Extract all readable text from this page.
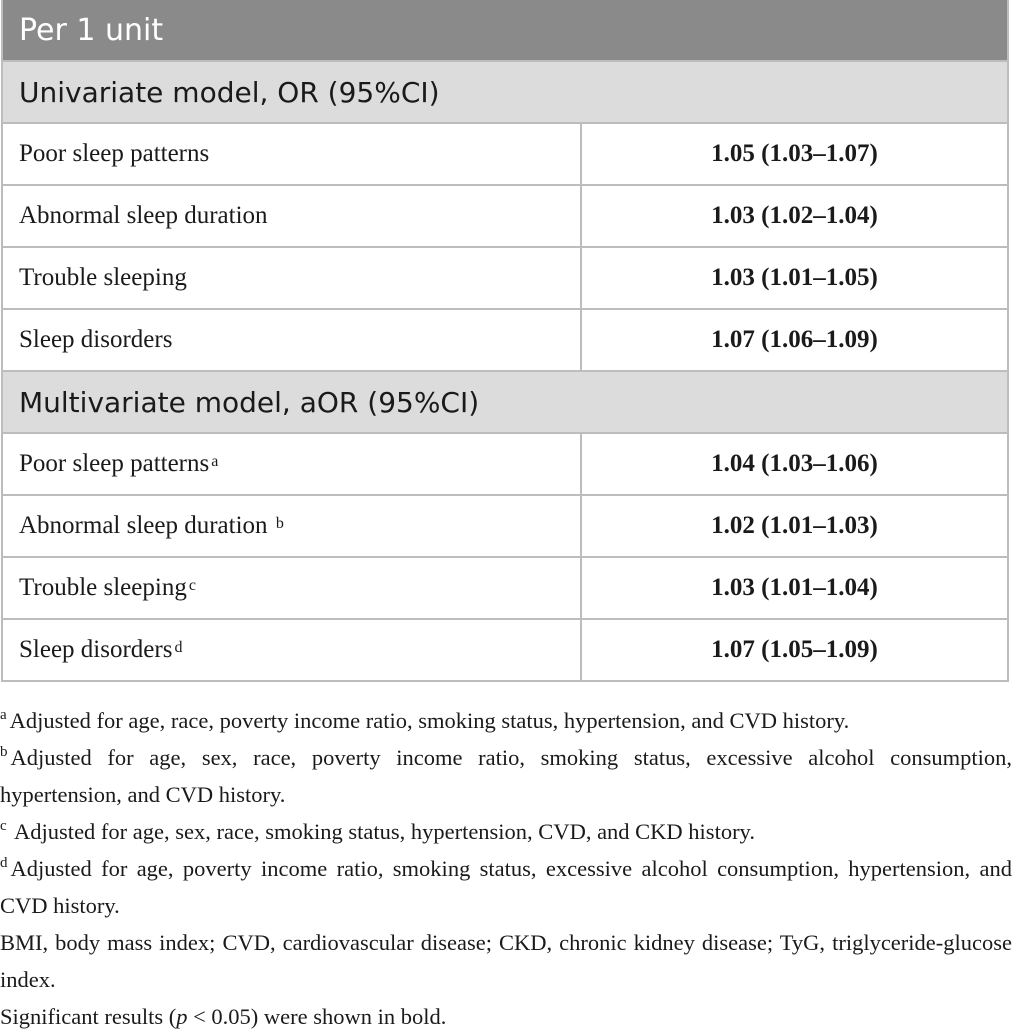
Per 1 unit
Univariate model, OR (95%CI)
Poor sleep patterns	1.05 (1.03–1.07)
Abnormal sleep duration	1.03 (1.02–1.04)
Trouble sleeping	1.03 (1.01–1.05)
Sleep disorders	1.07 (1.06–1.09)
Multivariate model, aOR (95%CI)
Poor sleep patterns$^a$	1.04 (1.03–1.06)
Abnormal sleep duration $^b$	1.02 (1.01–1.03)
Trouble sleeping$^c$	1.03 (1.01–1.04)
Sleep disorders$^d$	1.07 (1.05–1.09)

$^a$ Adjusted for age, race, poverty income ratio, smoking status, hypertension, and CVD history.

$^b$ Adjusted for age, sex, race, poverty income ratio, smoking status, excessive alcohol consumption, hypertension, and CVD history.

$^c$ Adjusted for age, sex, race, smoking status, hypertension, CVD, and CKD history.

$^d$ Adjusted for age, poverty income ratio, smoking status, excessive alcohol consumption, hypertension, and CVD history.

BMI, body mass index; CVD, cardiovascular disease; CKD, chronic kidney disease; TyG, triglyceride-glucose index.

Significant results (p < 0.05) were shown in bold.
